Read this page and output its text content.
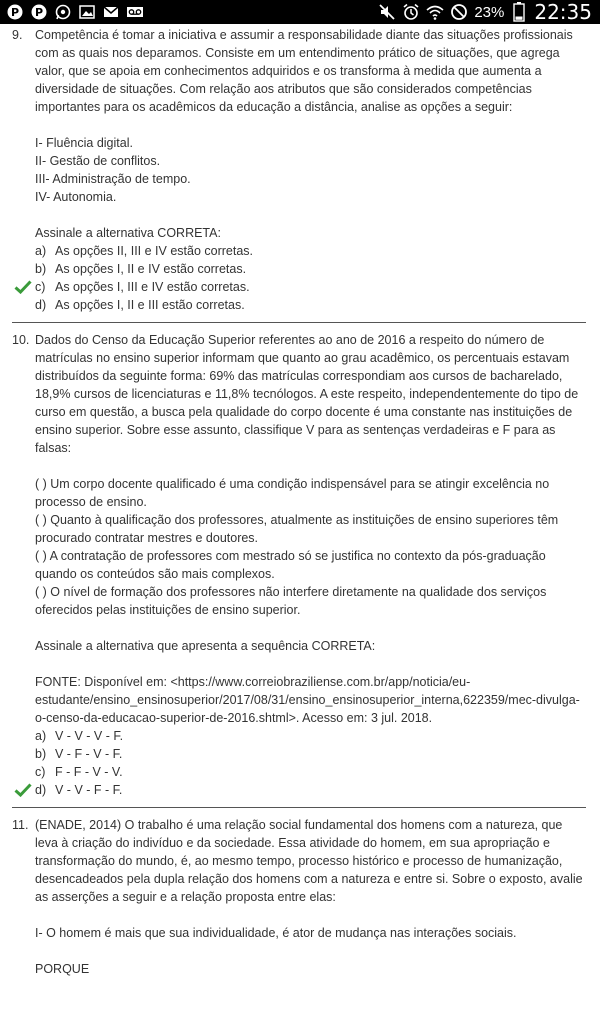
P P	23% 22:35
9. Competência é tomar a iniciativa e assumir a responsabilidade diante das situações profissionais com as quais nos deparamos. Consiste em um entendimento prático de situações, que agrega valor, que se apoia em conhecimentos adquiridos e os transforma à medida que aumenta a diversidade de situações. Com relação aos atributos que são considerados competências importantes para os acadêmicos da educação a distância, analise as opções a seguir:

I- Fluência digital.

II- Gestão de conflitos.

III- Administração de tempo.

IV- Autonomia.

Assinale a alternativa CORRETA:

a) As opções II, III e IV estão corretas.
b) As opções I, II e IV estão corretas.
c) As opções I, III e IV estão corretas.
d) As opções I, II e III estão corretas.
10. Dados do Censo da Educação Superior referentes ao ano de 2016 a respeito do número de matrículas no ensino superior informam que quanto ao grau acadêmico, os percentuais estavam distribuídos da seguinte forma: 69% das matrículas correspondiam aos cursos de bacharelado, 18,9% cursos de licenciaturas e 11,8% tecnólogos. A este respeito, independentemente do tipo de curso em questão, a busca pela qualidade do corpo docente é uma constante nas instituições de ensino superior. Sobre esse assunto, classifique V para as sentenças verdadeiras e F para as falsas:

( ) Um corpo docente qualificado é uma condição indispensável para se atingir excelência no processo de ensino.

( ) Quanto à qualificação dos professores, atualmente as instituições de ensino superiores têm procurado contratar mestres e doutores.

( ) A contratação de professores com mestrado só se justifica no contexto da pós-graduação quando os conteúdos são mais complexos.

( ) O nível de formação dos professores não interfere diretamente na qualidade dos serviços oferecidos pelas instituições de ensino superior.

Assinale a alternativa que apresenta a sequência CORRETA:

FONTE: Disponível em: <https://www.correiobraziliense.com.br/app/noticia/eu-estudante/ensino_ensinosuperior/2017/08/31/ensino_ensinosuperior_interna,622359/mec-divulga-o-censo-da-educacao-superior-de-2016.shtml>. Acesso em: 3 jul. 2018.

a) V - V - V - F.
b) V - F - V - F.
c) F - F - V - V.
d) V - V - F - F.
11. (ENADE, 2014) O trabalho é uma relação social fundamental dos homens com a natureza, que leva à criação do indivíduo e da sociedade. Essa atividade do homem, em sua apropriação e transformação do mundo, é, ao mesmo tempo, processo histórico e processo de humanização, desencadeados pela dupla relação dos homens com a natureza e entre si. Sobre o exposto, avalie as asserções a seguir e a relação proposta entre elas:

I- O homem é mais que sua individualidade, é ator de mudança nas interações sociais.

PORQUE
